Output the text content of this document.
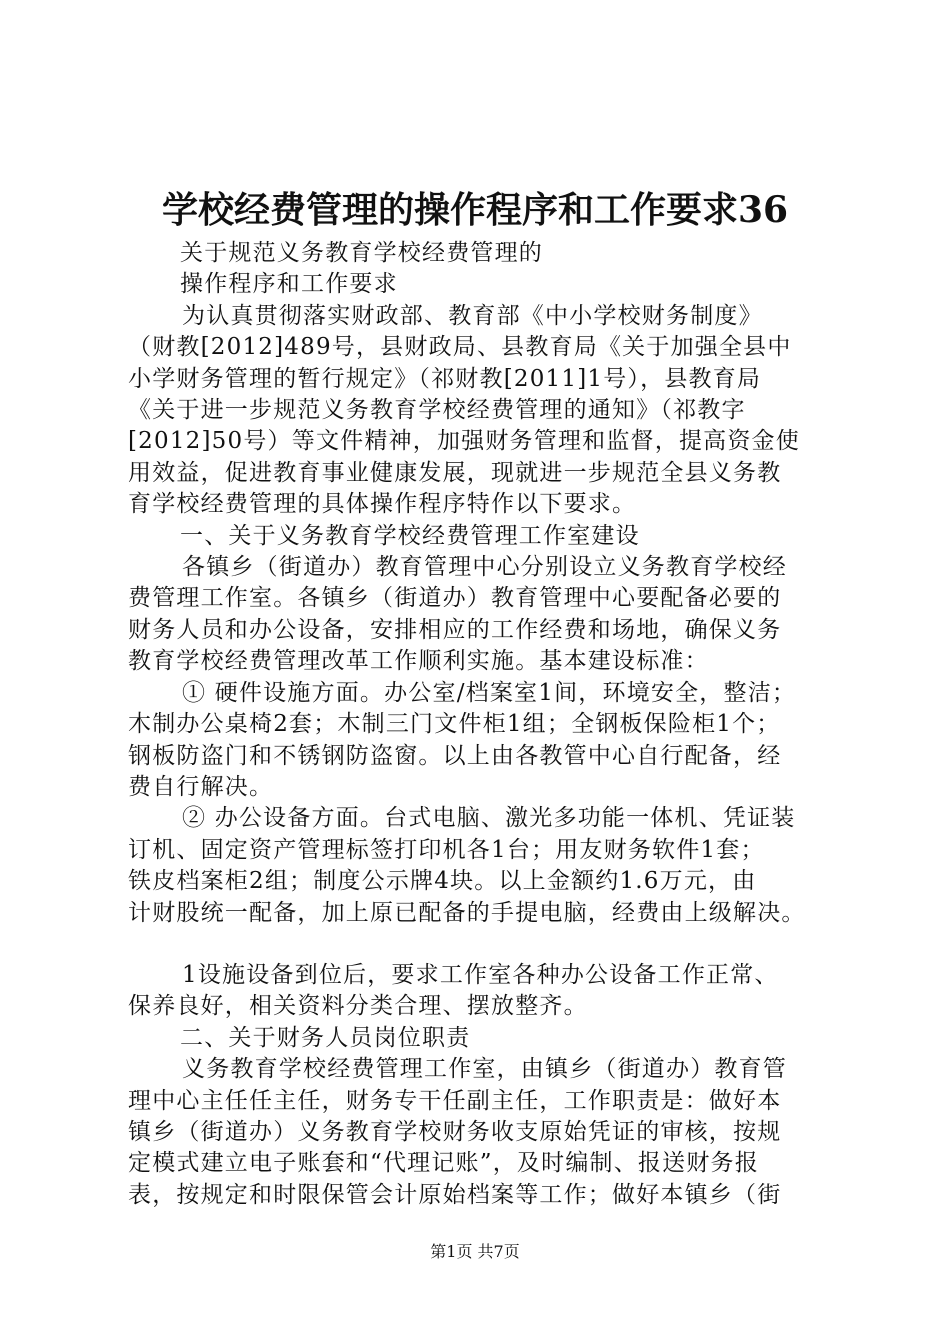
学校经费管理的操作程序和工作要求36

关于规范义务教育学校经费管理的

操作程序和工作要求

为认真贯彻落实财政部、教育部《中小学校财务制度》

（财教[2012]489号，县财政局、县教育局《关于加强全县中

小学财务管理的暂行规定》（祁财教[2011]1号），县教育局

《关于进一步规范义务教育学校经费管理的通知》（祁教字

[2012]50号）等文件精神，加强财务管理和监督，提高资金使

用效益，促进教育事业健康发展，现就进一步规范全县义务教

育学校经费管理的具体操作程序特作以下要求。

一、关于义务教育学校经费管理工作室建设

各镇乡（街道办）教育管理中心分别设立义务教育学校经

费管理工作室。各镇乡（街道办）教育管理中心要配备必要的

财务人员和办公设备，安排相应的工作经费和场地，确保义务

教育学校经费管理改革工作顺利实施。基本建设标准：

① 硬件设施方面。办公室/档案室1间，环境安全，整洁；

木制办公桌椅2套；木制三门文件柜1组；全钢板保险柜1个；

钢板防盗门和不锈钢防盗窗。以上由各教管中心自行配备，经

费自行解决。

② 办公设备方面。台式电脑、激光多功能一体机、凭证装

订机、固定资产管理标签打印机各1台；用友财务软件1套；

铁皮档案柜2组；制度公示牌4块。以上金额约1.6万元，由

计财股统一配备，加上原已配备的手提电脑，经费由上级解决。

1设施设备到位后，要求工作室各种办公设备工作正常、

保养良好，相关资料分类合理、摆放整齐。

二、关于财务人员岗位职责

义务教育学校经费管理工作室，由镇乡（街道办）教育管

理中心主任任主任，财务专干任副主任，工作职责是：做好本

镇乡（街道办）义务教育学校财务收支原始凭证的审核，按规

定模式建立电子账套和“代理记账”，及时编制、报送财务报

表，按规定和时限保管会计原始档案等工作；做好本镇乡（街

第1页 共7页
